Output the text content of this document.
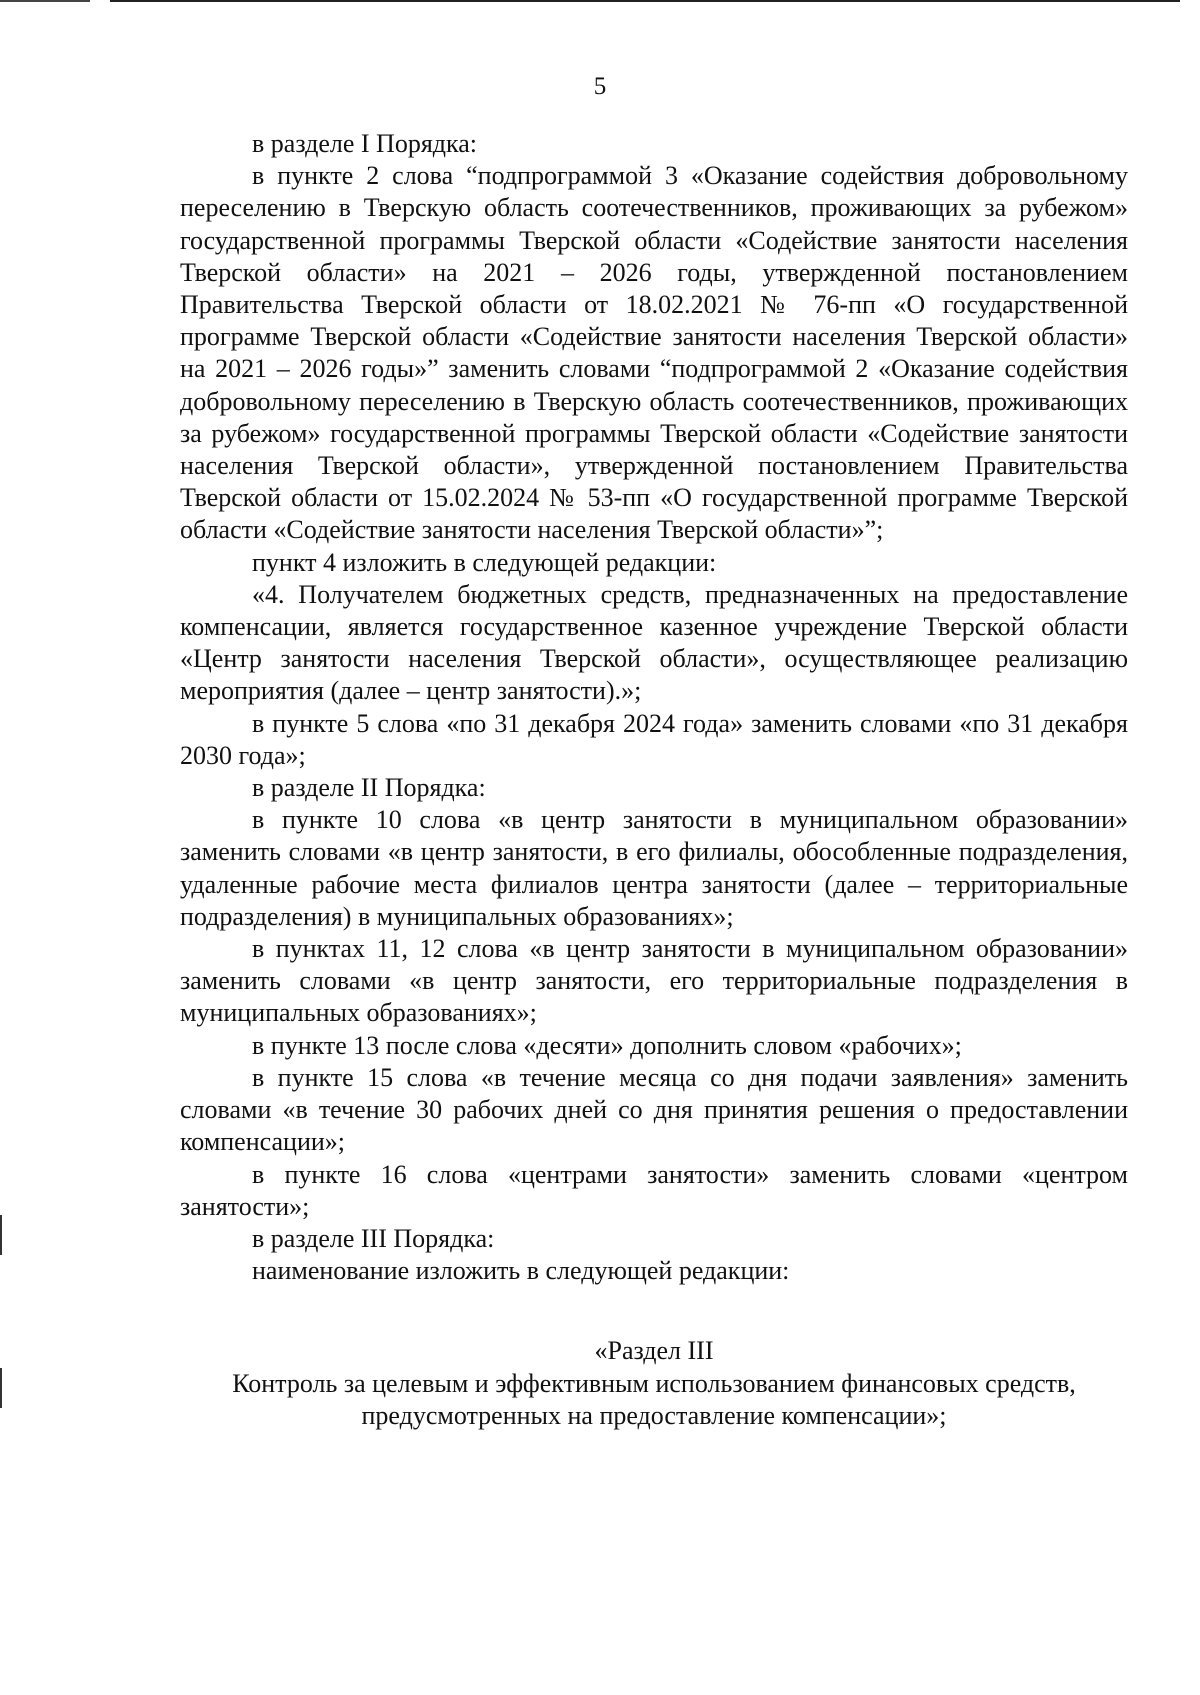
5

в разделе I Порядка:

в пункте 2 слова “подпрограммой 3 «Оказание содействия добровольному переселению в Тверскую область соотечественников, проживающих за рубежом» государственной программы Тверской области «Содействие занятости населения Тверской области» на 2021 – 2026 годы, утвержденной постановлением Правительства Тверской области от 18.02.2021 № 76-пп «О государственной программе Тверской области «Содействие занятости населения Тверской области» на 2021 – 2026 годы»” заменить словами “подпрограммой 2 «Оказание содействия добровольному переселению в Тверскую область соотечественников, проживающих за рубежом» государственной программы Тверской области «Содействие занятости населения Тверской области», утвержденной постановлением Правительства Тверской области от 15.02.2024 № 53-пп «О государственной программе Тверской области «Содействие занятости населения Тверской области»”;

пункт 4 изложить в следующей редакции:

«4. Получателем бюджетных средств, предназначенных на предоставление компенсации, является государственное казенное учреждение Тверской области «Центр занятости населения Тверской области», осуществляющее реализацию мероприятия (далее – центр занятости).»;

в пункте 5 слова «по 31 декабря 2024 года» заменить словами «по 31 декабря 2030 года»;

в разделе II Порядка:

в пункте 10 слова «в центр занятости в муниципальном образовании» заменить словами «в центр занятости, в его филиалы, обособленные подразделения, удаленные рабочие места филиалов центра занятости (далее – территориальные подразделения) в муниципальных образованиях»;

в пунктах 11, 12 слова «в центр занятости в муниципальном образовании» заменить словами «в центр занятости, его территориальные подразделения в муниципальных образованиях»;

в пункте 13 после слова «десяти» дополнить словом «рабочих»;

в пункте 15 слова «в течение месяца со дня подачи заявления» заменить словами «в течение 30 рабочих дней со дня принятия решения о предоставлении компенсации»;

в пункте 16 слова «центрами занятости» заменить словами «центром занятости»;

в разделе III Порядка:

наименование изложить в следующей редакции:

«Раздел III

Контроль за целевым и эффективным использованием финансовых средств,

предусмотренных на предоставление компенсации»;
